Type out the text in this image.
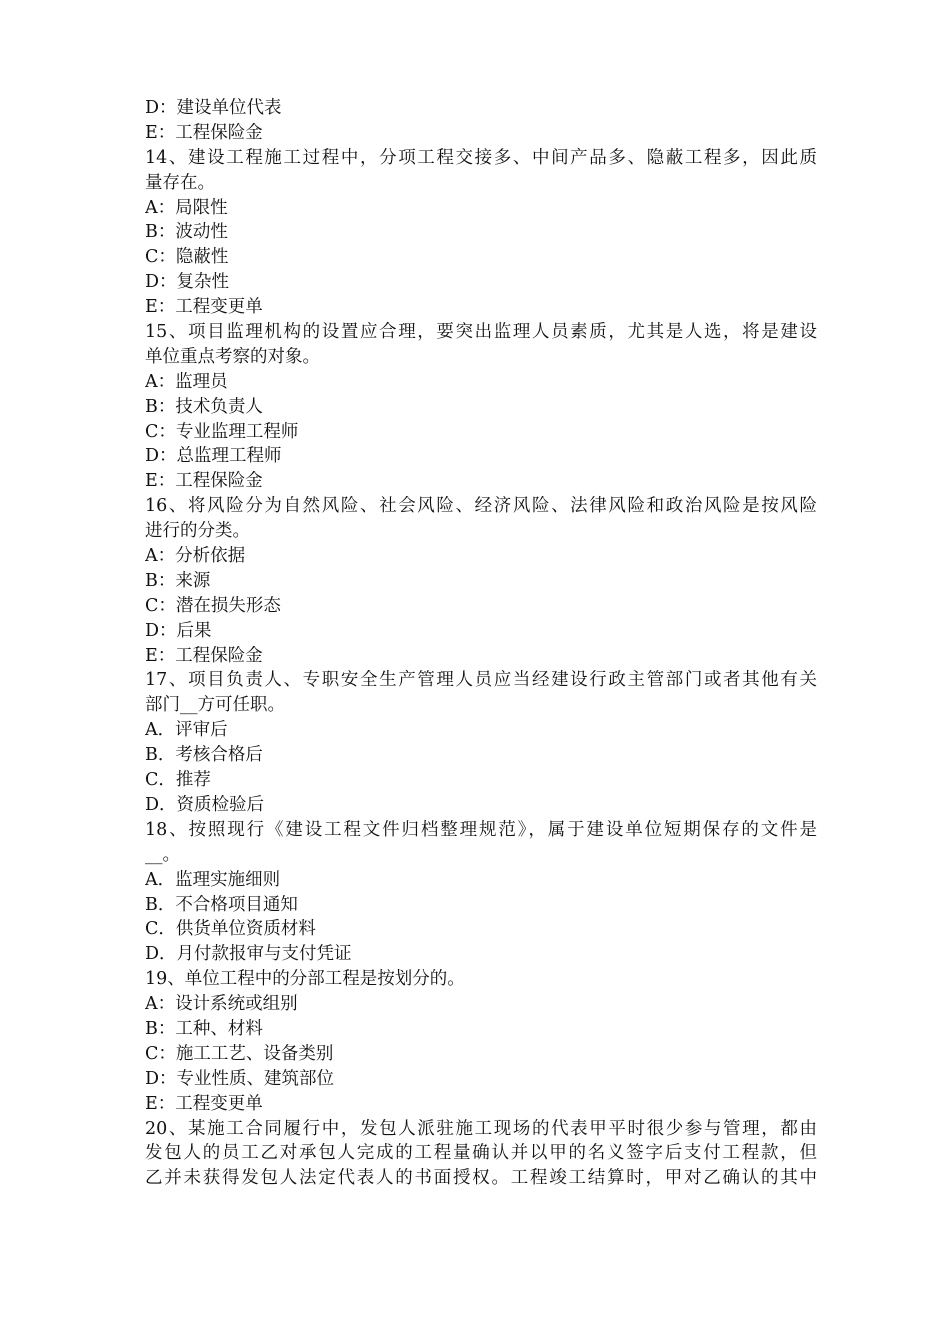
D：建设单位代表
E：工程保险金
14、建设工程施工过程中，分项工程交接多、中间产品多、隐蔽工程多，因此质
量存在。
A：局限性
B：波动性
C：隐蔽性
D：复杂性
E：工程变更单
15、项目监理机构的设置应合理，要突出监理人员素质，尤其是人选，将是建设
单位重点考察的对象。
A：监理员
B：技术负责人
C：专业监理工程师
D：总监理工程师
E：工程保险金
16、将风险分为自然风险、社会风险、经济风险、法律风险和政治风险是按风险
进行的分类。
A：分析依据
B：来源
C：潜在损失形态
D：后果
E：工程保险金
17、项目负责人、专职安全生产管理人员应当经建设行政主管部门或者其他有关
部门__方可任职。
A．评审后
B．考核合格后
C．推荐
D．资质检验后
18、按照现行《建设工程文件归档整理规范》，属于建设单位短期保存的文件是
__。
A．监理实施细则
B．不合格项目通知
C．供货单位资质材料
D．月付款报审与支付凭证
19、单位工程中的分部工程是按划分的。
A：设计系统或组别
B：工种、材料
C：施工工艺、设备类别
D：专业性质、建筑部位
E：工程变更单
20、某施工合同履行中，发包人派驻施工现场的代表甲平时很少参与管理，都由
发包人的员工乙对承包人完成的工程量确认并以甲的名义签字后支付工程款，但
乙并未获得发包人法定代表人的书面授权。工程竣工结算时，甲对乙确认的其中
